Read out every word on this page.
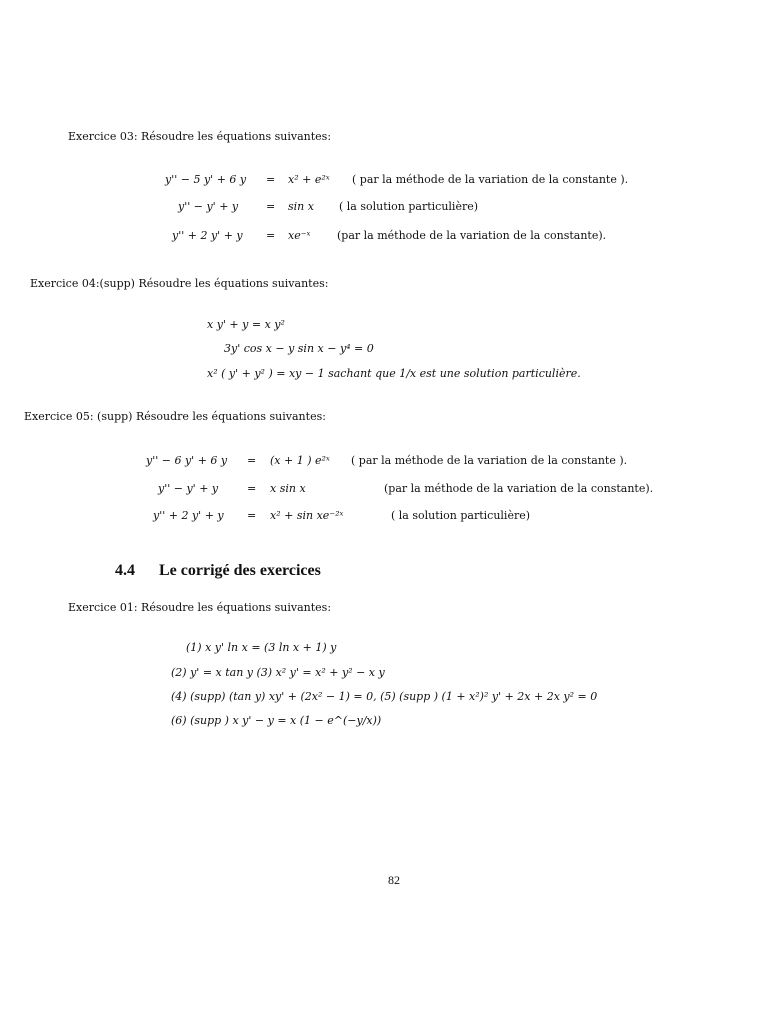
Exercice 03: Résoudre les équations suivantes:
y'' − 5 y' + 6 y = x² + e²ˣ ( par la méthode de la variation de la constante ).
y'' − y' + y	= sin x ( la solution particulière)
y'' + 2 y' + y = xe⁻ˣ (par la méthode de la variation de la constante).
Exercice 04:(supp) Résoudre les équations suivantes:
x y' + y = x y²
3y' cos x − y sin x − y⁴ = 0
x² ( y' + y² ) = xy − 1 sachant que 1/x est une solution particulière.
Exercice 05: (supp) Résoudre les équations suivantes:
y'' − 6 y' + 6 y = (x + 1 ) e²ˣ ( par la méthode de la variation de la constante ).
y'' − y' + y	= x sin x	(par la méthode de la variation de la constante).
y'' + 2 y' + y = x² + sin xe⁻²ˣ	( la solution particulière)
4.4 Le corrigé des exercices
Exercice 01: Résoudre les équations suivantes:
(1) x y' ln x = (3 ln x + 1) y
(2) y' = x tan y (3) x² y' = x² + y² − x y
(4) (supp) (tan y) xy' + (2x² − 1) = 0, (5) (supp ) (1 + x²)² y' + 2x + 2x y² = 0
(6) (supp ) x y' − y = x (1 − e^(−y/x))
82
